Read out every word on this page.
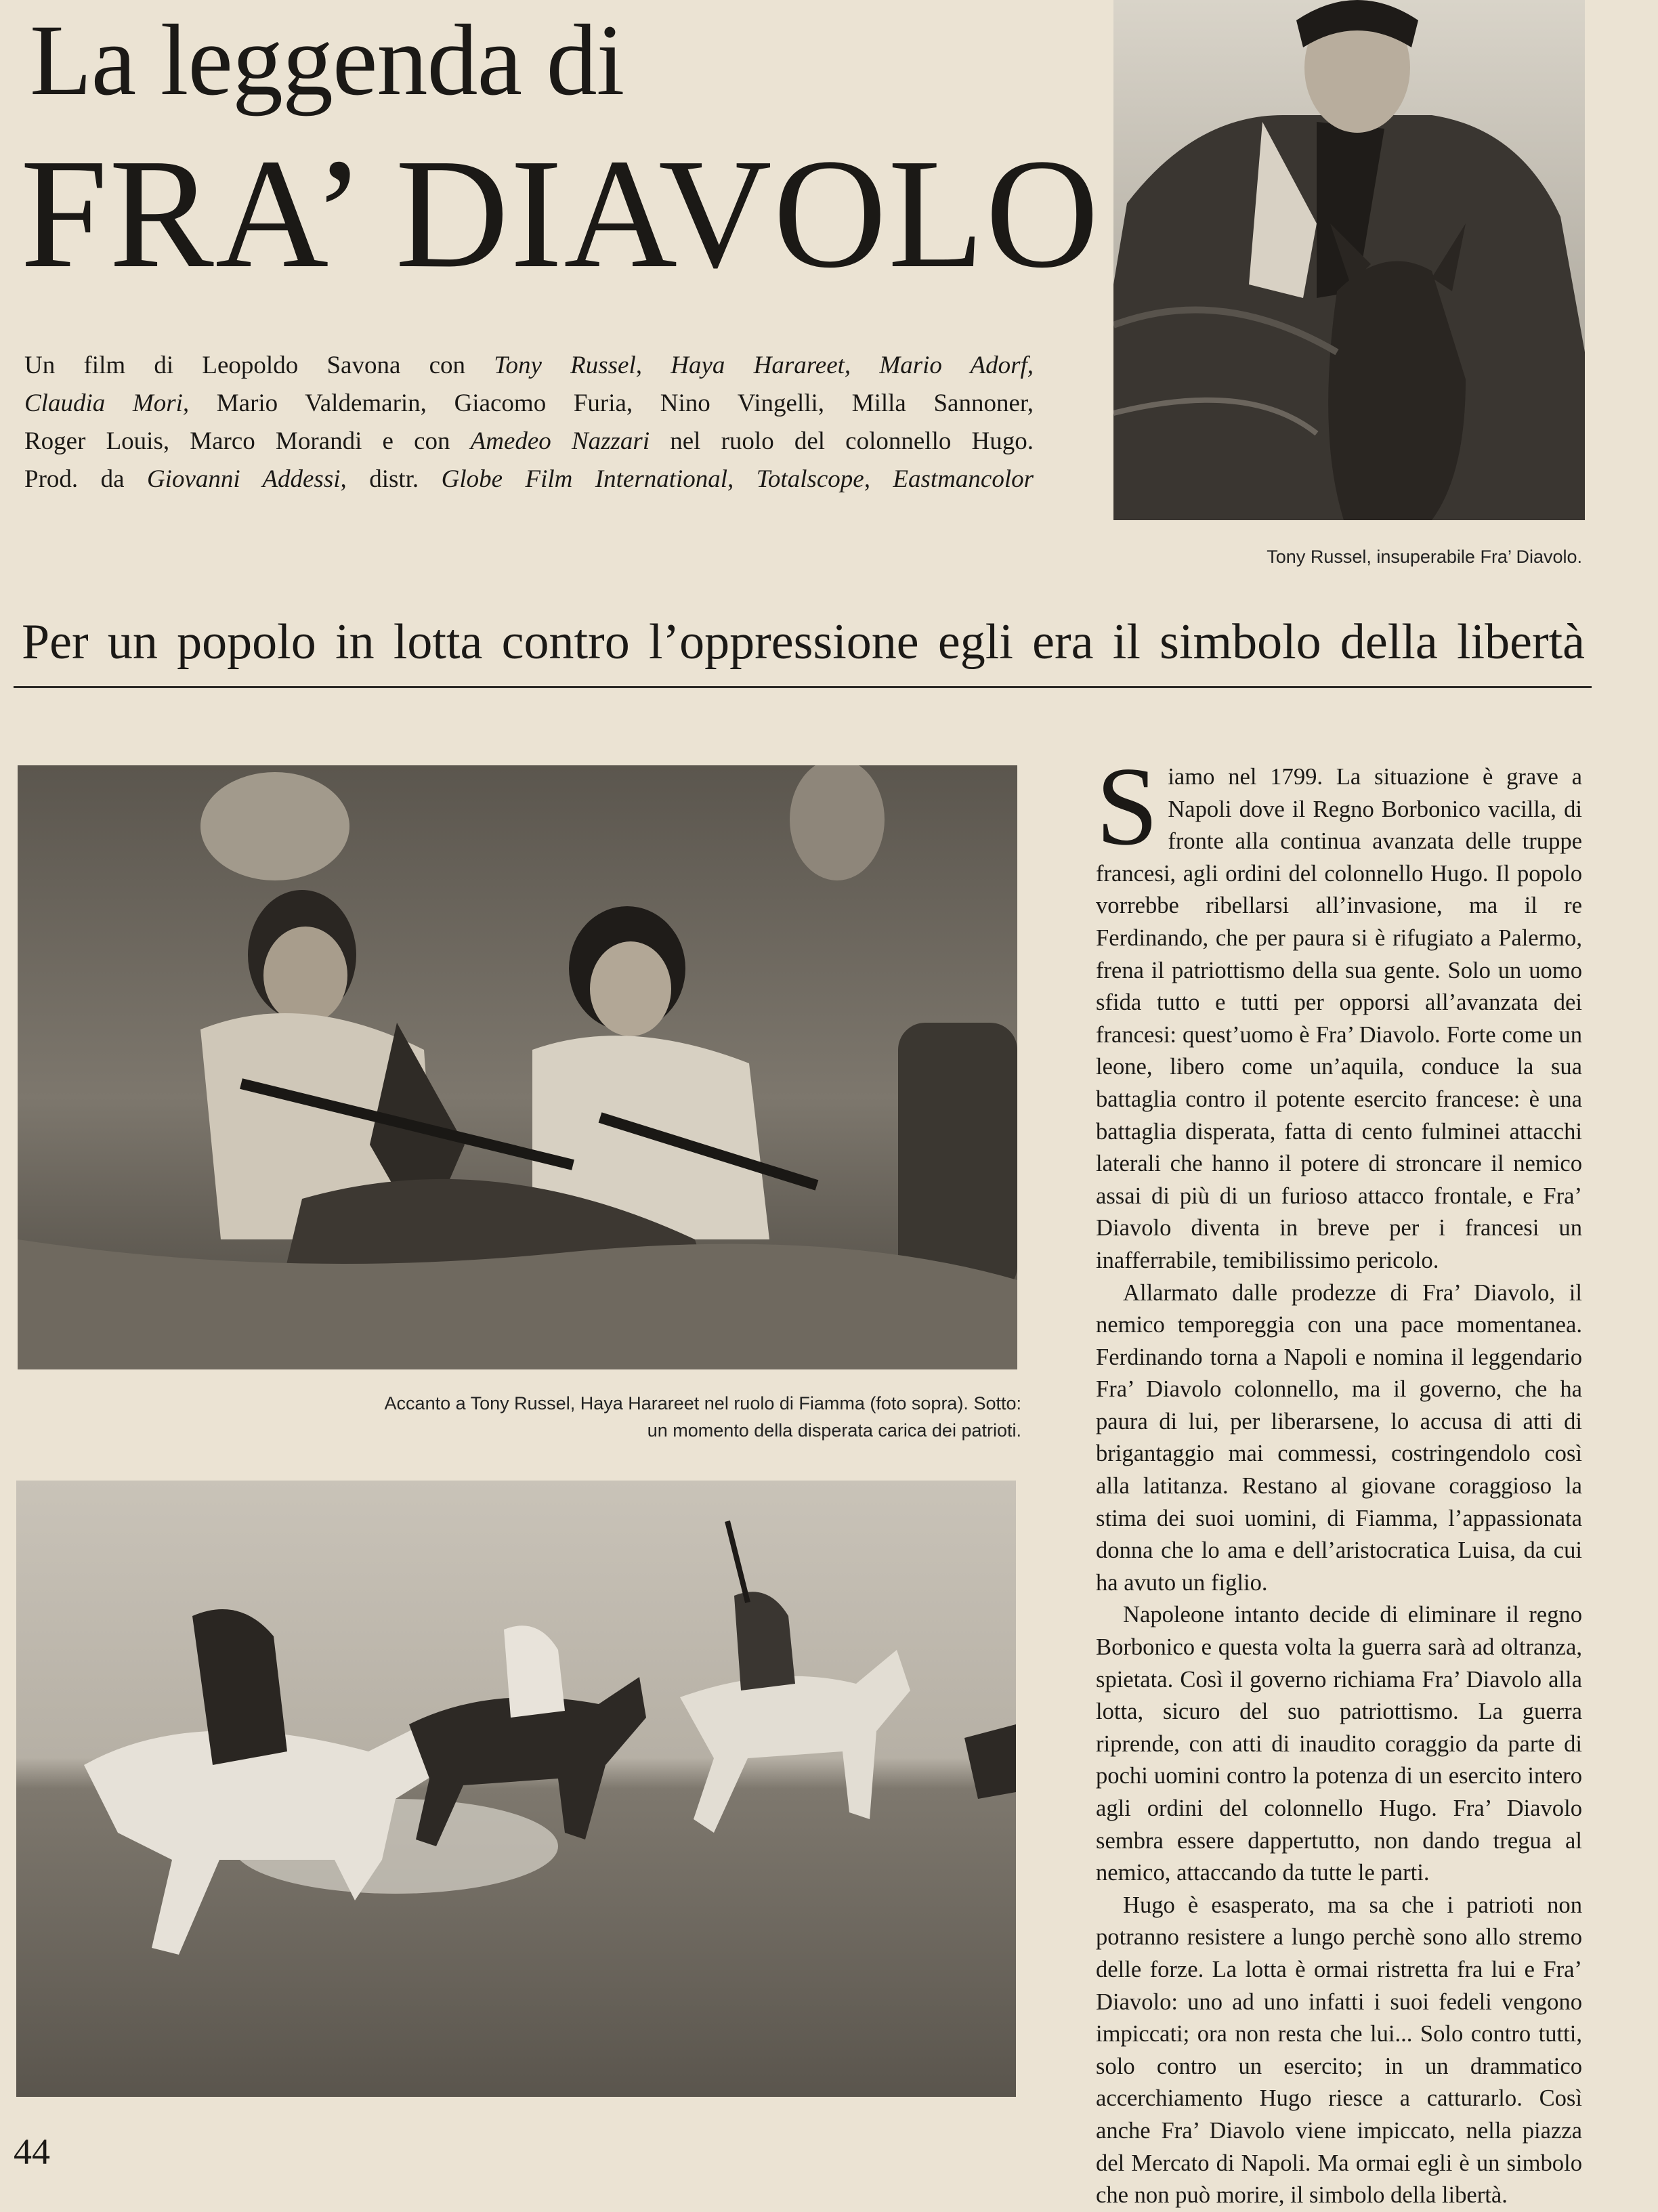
La leggenda di
FRA’ DIAVOLO
Un film di Leopoldo Savona con Tony Russel, Haya Harareet, Mario Adorf,
Claudia Mori, Mario Valdemarin, Giacomo Furia, Nino Vingelli, Milla Sannoner,
Roger Louis, Marco Morandi e con Amedeo Nazzari nel ruolo del colonnello Hugo.
Prod. da Giovanni Addessi, distr. Globe Film International, Totalscope, Eastmancolor
Tony Russel, insuperabile Fra’ Diavolo.
Per un popolo in lotta contro l’oppressione egli era il simbolo della libertà
Accanto a Tony Russel, Haya Harareet nel ruolo di Fiamma (foto sopra). Sotto: un momento della disperata carica dei patrioti.

Siamo nel 1799. La situazione è grave a Napoli dove il Regno Borbonico vacilla, di fronte alla continua avanzata delle truppe francesi, agli ordini del colonnello Hugo. Il popolo vorrebbe ribellarsi all’invasione, ma il re Ferdinando, che per paura si è rifugiato a Palermo, frena il patriottismo della sua gente. Solo un uomo sfida tutto e tutti per opporsi all’avanzata dei francesi: quest’uomo è Fra’ Diavolo. Forte come un leone, libero come un’aquila, conduce la sua battaglia contro il potente esercito francese: è una battaglia disperata, fatta di cento fulminei attacchi laterali che hanno il potere di stroncare il nemico assai di più di un furioso attacco frontale, e Fra’ Diavolo diventa in breve per i francesi un inafferrabile, temibilissimo pericolo.

Allarmato dalle prodezze di Fra’ Diavolo, il nemico temporeggia con una pace momentanea. Ferdinando torna a Napoli e nomina il leggendario Fra’ Diavolo colonnello, ma il governo, che ha paura di lui, per liberarsene, lo accusa di atti di brigantaggio mai commessi, costringendolo così alla latitanza. Restano al giovane coraggioso la stima dei suoi uomini, di Fiamma, l’appassionata donna che lo ama e dell’aristocratica Luisa, da cui ha avuto un figlio.

Napoleone intanto decide di eliminare il regno Borbonico e questa volta la guerra sarà ad oltranza, spietata. Così il governo richiama Fra’ Diavolo alla lotta, sicuro del suo patriottismo. La guerra riprende, con atti di inaudito coraggio da parte di pochi uomini contro la potenza di un esercito intero agli ordini del colonnello Hugo. Fra’ Diavolo sembra essere dappertutto, non dando tregua al nemico, attaccando da tutte le parti.

Hugo è esasperato, ma sa che i patrioti non potranno resistere a lungo perchè sono allo stremo delle forze. La lotta è ormai ristretta fra lui e Fra’ Diavolo: uno ad uno infatti i suoi fedeli vengono impiccati; ora non resta che lui... Solo contro tutti, solo contro un esercito; in un drammatico accerchiamento Hugo riesce a catturarlo. Così anche Fra’ Diavolo viene impiccato, nella piazza del Mercato di Napoli. Ma ormai egli è un simbolo che non può morire, il simbolo della libertà.

44
